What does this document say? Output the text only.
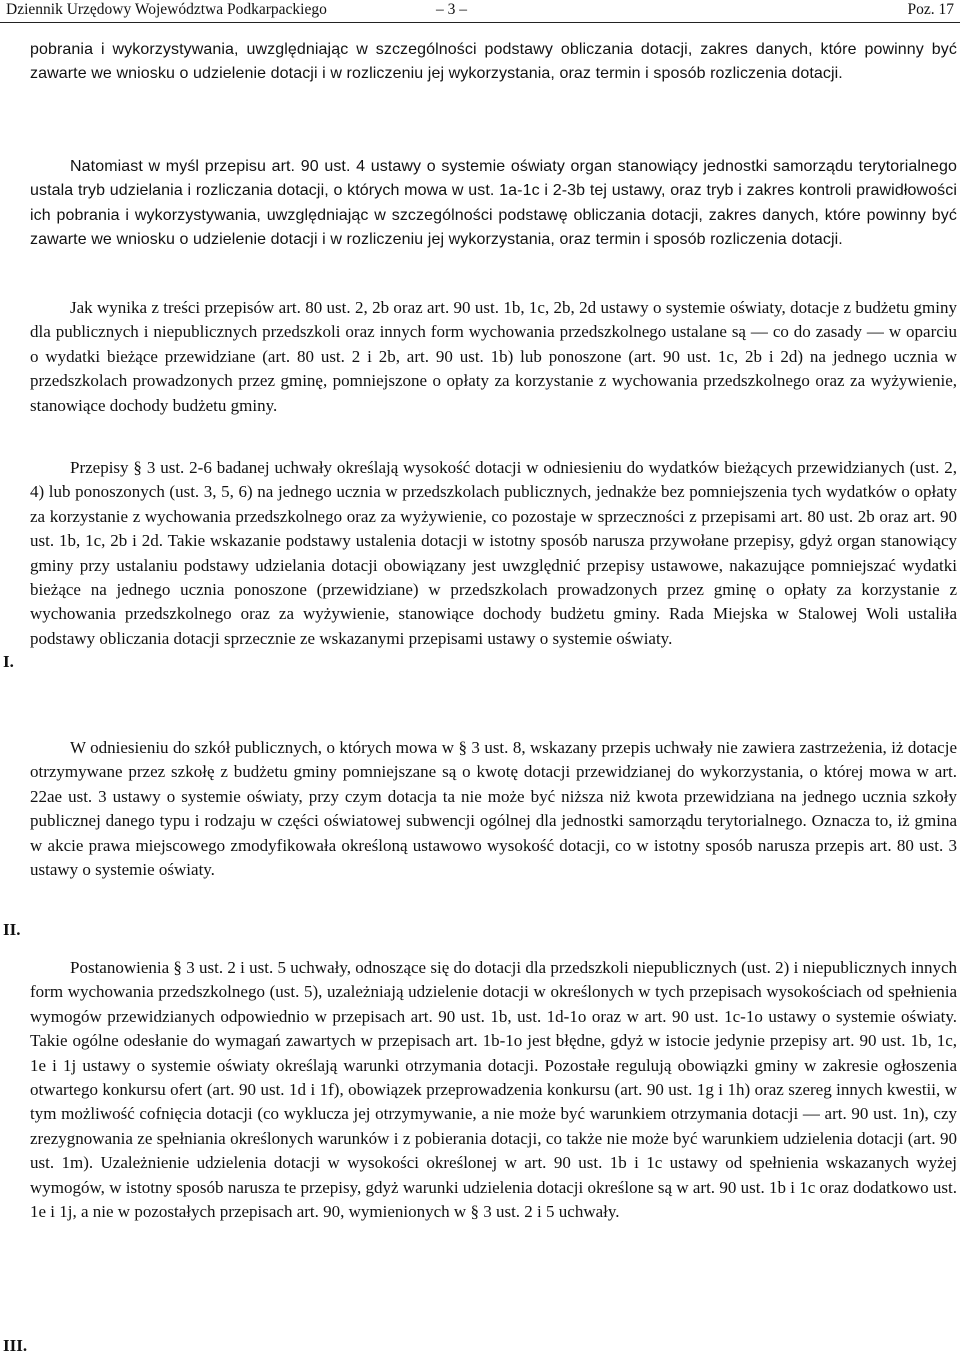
Dziennik Urzędowy Województwa Podkarpackiego	– 3 –	Poz. 17
I.
II.
III.

pobrania i wykorzystywania, uwzględniając w szczególności podstawy obliczania dotacji, zakres danych, które powinny być zawarte we wniosku o udzielenie dotacji i w rozliczeniu jej wykorzystania, oraz termin i sposób rozliczenia dotacji.

Natomiast w myśl przepisu art. 90 ust. 4 ustawy o systemie oświaty organ stanowiący jednostki samorządu terytorialnego ustala tryb udzielania i rozliczania dotacji, o których mowa w ust. 1a-1c i 2-3b tej ustawy, oraz tryb i zakres kontroli prawidłowości ich pobrania i wykorzystywania, uwzględniając w szczególności podstawę obliczania dotacji, zakres danych, które powinny być zawarte we wniosku o udzielenie dotacji i w rozliczeniu jej wykorzystania, oraz termin i sposób rozliczenia dotacji.

Jak wynika z treści przepisów art. 80 ust. 2, 2b oraz art. 90 ust. 1b, 1c, 2b, 2d ustawy o systemie oświaty, dotacje z budżetu gminy dla publicznych i niepublicznych przedszkoli oraz innych form wychowania przedszkolnego ustalane są — co do zasady — w oparciu o wydatki bieżące przewidziane (art. 80 ust. 2 i 2b, art. 90 ust. 1b) lub ponoszone (art. 90 ust. 1c, 2b i 2d) na jednego ucznia w przedszkolach prowadzonych przez gminę, pomniejszone o opłaty za korzystanie z wychowania przedszkolnego oraz za wyżywienie, stanowiące dochody budżetu gminy.

Przepisy § 3 ust. 2-6 badanej uchwały określają wysokość dotacji w odniesieniu do wydatków bieżących przewidzianych (ust. 2, 4) lub ponoszonych (ust. 3, 5, 6) na jednego ucznia w przedszkolach publicznych, jednakże bez pomniejszenia tych wydatków o opłaty za korzystanie z wychowania przedszkolnego oraz za wyżywienie, co pozostaje w sprzeczności z przepisami art. 80 ust. 2b oraz art. 90 ust. 1b, 1c, 2b i 2d. Takie wskazanie podstawy ustalenia dotacji w istotny sposób narusza przywołane przepisy, gdyż organ stanowiący gminy przy ustalaniu podstawy udzielania dotacji obowiązany jest uwzględnić przepisy ustawowe, nakazujące pomniejszać wydatki bieżące na jednego ucznia ponoszone (przewidziane) w przedszkolach prowadzonych przez gminę o opłaty za korzystanie z wychowania przedszkolnego oraz za wyżywienie, stanowiące dochody budżetu gminy. Rada Miejska w Stalowej Woli ustaliła podstawy obliczania dotacji sprzecznie ze wskazanymi przepisami ustawy o systemie oświaty.

W odniesieniu do szkół publicznych, o których mowa w § 3 ust. 8, wskazany przepis uchwały nie zawiera zastrzeżenia, iż dotacje otrzymywane przez szkołę z budżetu gminy pomniejszane są o kwotę dotacji przewidzianej do wykorzystania, o której mowa w art. 22ae ust. 3 ustawy o systemie oświaty, przy czym dotacja ta nie może być niższa niż kwota przewidziana na jednego ucznia szkoły publicznej danego typu i rodzaju w części oświatowej subwencji ogólnej dla jednostki samorządu terytorialnego. Oznacza to, iż gmina w akcie prawa miejscowego zmodyfikowała określoną ustawowo wysokość dotacji, co w istotny sposób narusza przepis art. 80 ust. 3 ustawy o systemie oświaty.

Postanowienia § 3 ust. 2 i ust. 5 uchwały, odnoszące się do dotacji dla przedszkoli niepublicznych (ust. 2) i niepublicznych innych form wychowania przedszkolnego (ust. 5), uzależniają udzielenie dotacji w określonych w tych przepisach wysokościach od spełnienia wymogów przewidzianych odpowiednio w przepisach art. 90 ust. 1b, ust. 1d-1o oraz w art. 90 ust. 1c-1o ustawy o systemie oświaty. Takie ogólne odesłanie do wymagań zawartych w przepisach art. 1b-1o jest błędne, gdyż w istocie jedynie przepisy art. 90 ust. 1b, 1c, 1e i 1j ustawy o systemie oświaty określają warunki otrzymania dotacji. Pozostałe regulują obowiązki gminy w zakresie ogłoszenia otwartego konkursu ofert (art. 90 ust. 1d i 1f), obowiązek przeprowadzenia konkursu (art. 90 ust. 1g i 1h) oraz szereg innych kwestii, w tym możliwość cofnięcia dotacji (co wyklucza jej otrzymywanie, a nie może być warunkiem otrzymania dotacji — art. 90 ust. 1n), czy zrezygnowania ze spełniania określonych warunków i z pobierania dotacji, co także nie może być warunkiem udzielenia dotacji (art. 90 ust. 1m). Uzależnienie udzielenia dotacji w wysokości określonej w art. 90 ust. 1b i 1c ustawy od spełnienia wskazanych wyżej wymogów, w istotny sposób narusza te przepisy, gdyż warunki udzielenia dotacji określone są w art. 90 ust. 1b i 1c oraz dodatkowo ust. 1e i 1j, a nie w pozostałych przepisach art. 90, wymienionych w § 3 ust. 2 i 5 uchwały.
